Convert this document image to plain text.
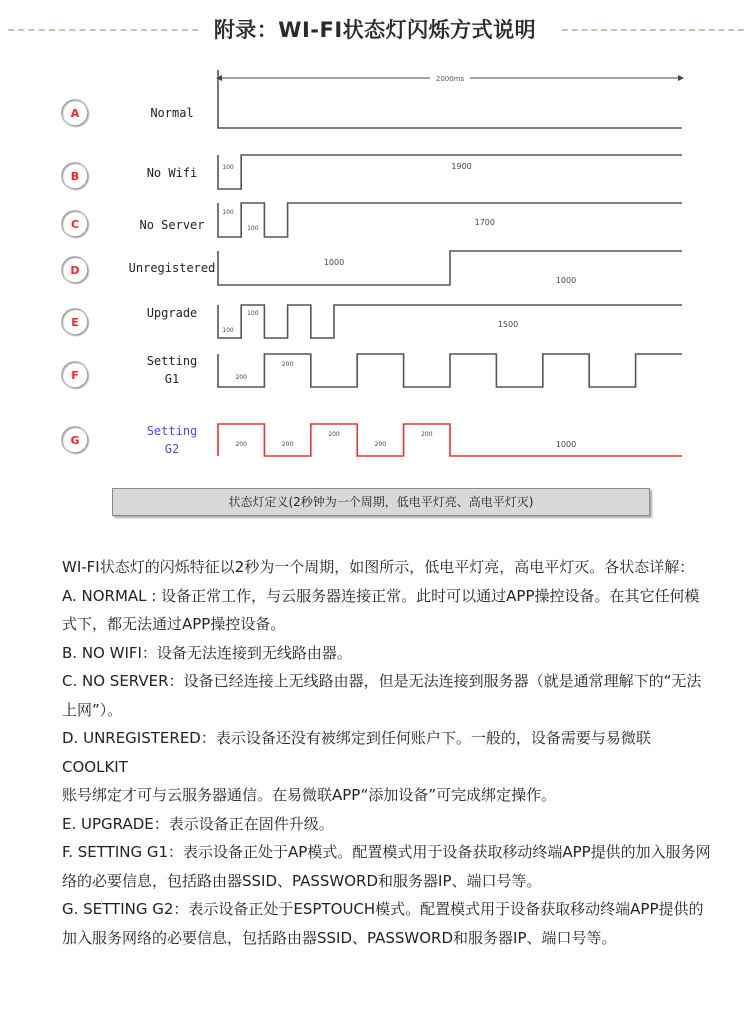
附录：WI-FI状态灯闪烁方式说明
2000ms
A	Normal
B	No Wifi	100	1900
C	No Server
100
100
1700
D	Unregistered	1000
1000
E
Upgrade
100
100
1500
F
Setting
G1	200
200
G
Setting
G2	200	200
200
200
200
1000
状态灯定义(2秒钟为一个周期，低电平灯亮、高电平灯灭)

WI-FI状态灯的闪烁特征以2秒为一个周期，如图所示，低电平灯亮，高电平灯灭。各状态详解：

A. NORMAL : 设备正常工作，与云服务器连接正常。此时可以通过APP操控设备。在其它任何模式下，都无法通过APP操控设备。

B. NO WIFI：设备无法连接到无线路由器。

C. NO SERVER：设备已经连接上无线路由器，但是无法连接到服务器（就是通常理解下的“无法上网”）。

D. UNREGISTERED：表示设备还没有被绑定到任何账户下。一般的，设备需要与易微联 COOLKIT

账号绑定才可与云服务器通信。在易微联APP“添加设备”可完成绑定操作。

E. UPGRADE：表示设备正在固件升级。

F. SETTING G1：表示设备正处于AP模式。配置模式用于设备获取移动终端APP提供的加入服务网络的必要信息，包括路由器SSID、PASSWORD和服务器IP、端口号等。

G. SETTING G2：表示设备正处于ESPTOUCH模式。配置模式用于设备获取移动终端APP提供的加入服务网络的必要信息，包括路由器SSID、PASSWORD和服务器IP、端口号等。
